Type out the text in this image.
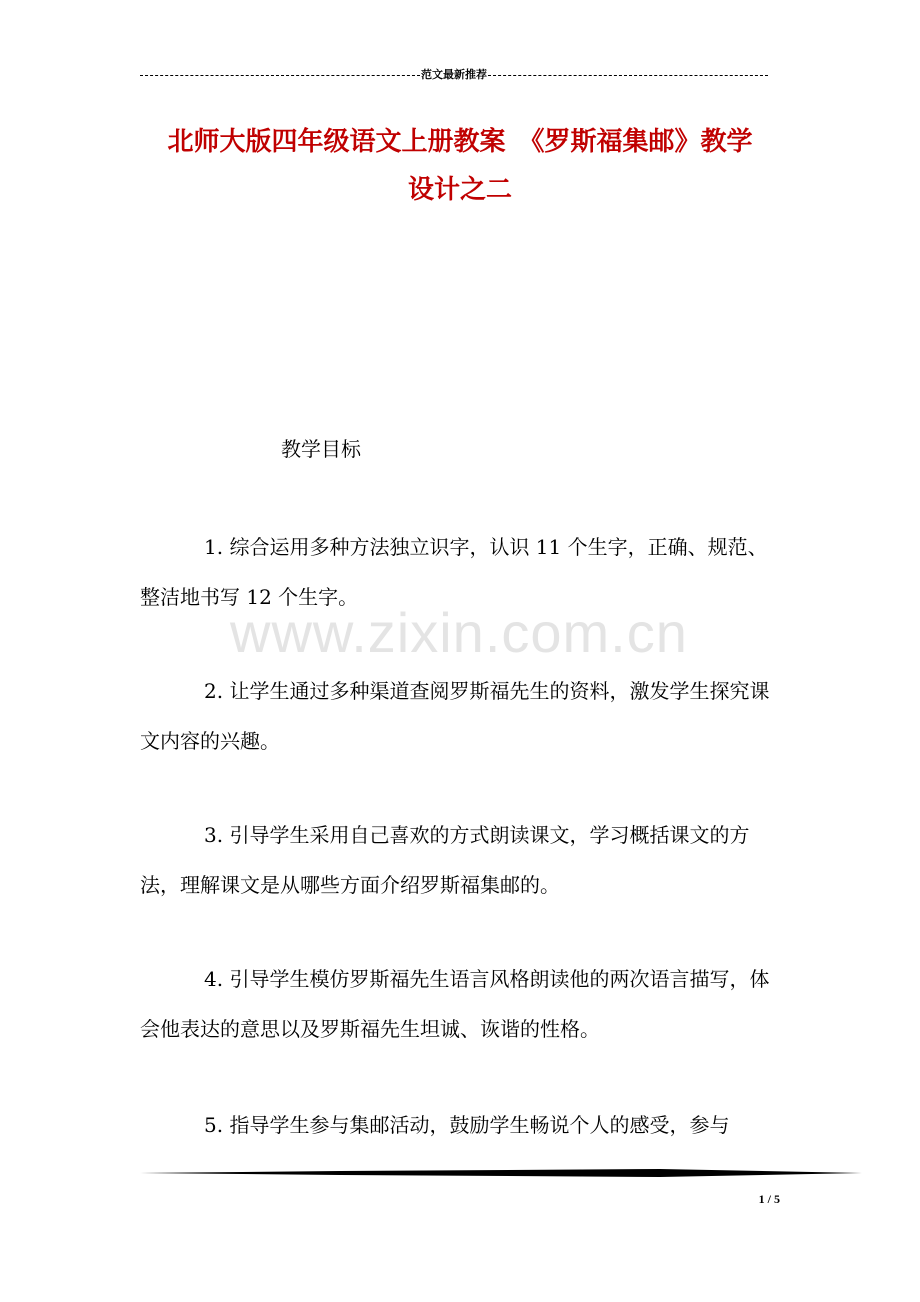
范文最新推荐
www.zixin.com.cn
北师大版四年级语文上册教案　《罗斯福集邮》教学
设计之二
教学目标

1. 综合运用多种方法独立识字，认识 11 个生字，正确、规范、整洁地书写 12 个生字。

2. 让学生通过多种渠道查阅罗斯福先生的资料，激发学生探究课文内容的兴趣。

3. 引导学生采用自己喜欢的方式朗读课文，学习概括课文的方法，理解课文是从哪些方面介绍罗斯福集邮的。

4. 引导学生模仿罗斯福先生语言风格朗读他的两次语言描写，体会他表达的意思以及罗斯福先生坦诚、诙谐的性格。

5. 指导学生参与集邮活动，鼓励学生畅说个人的感受，参与

1 / 5
